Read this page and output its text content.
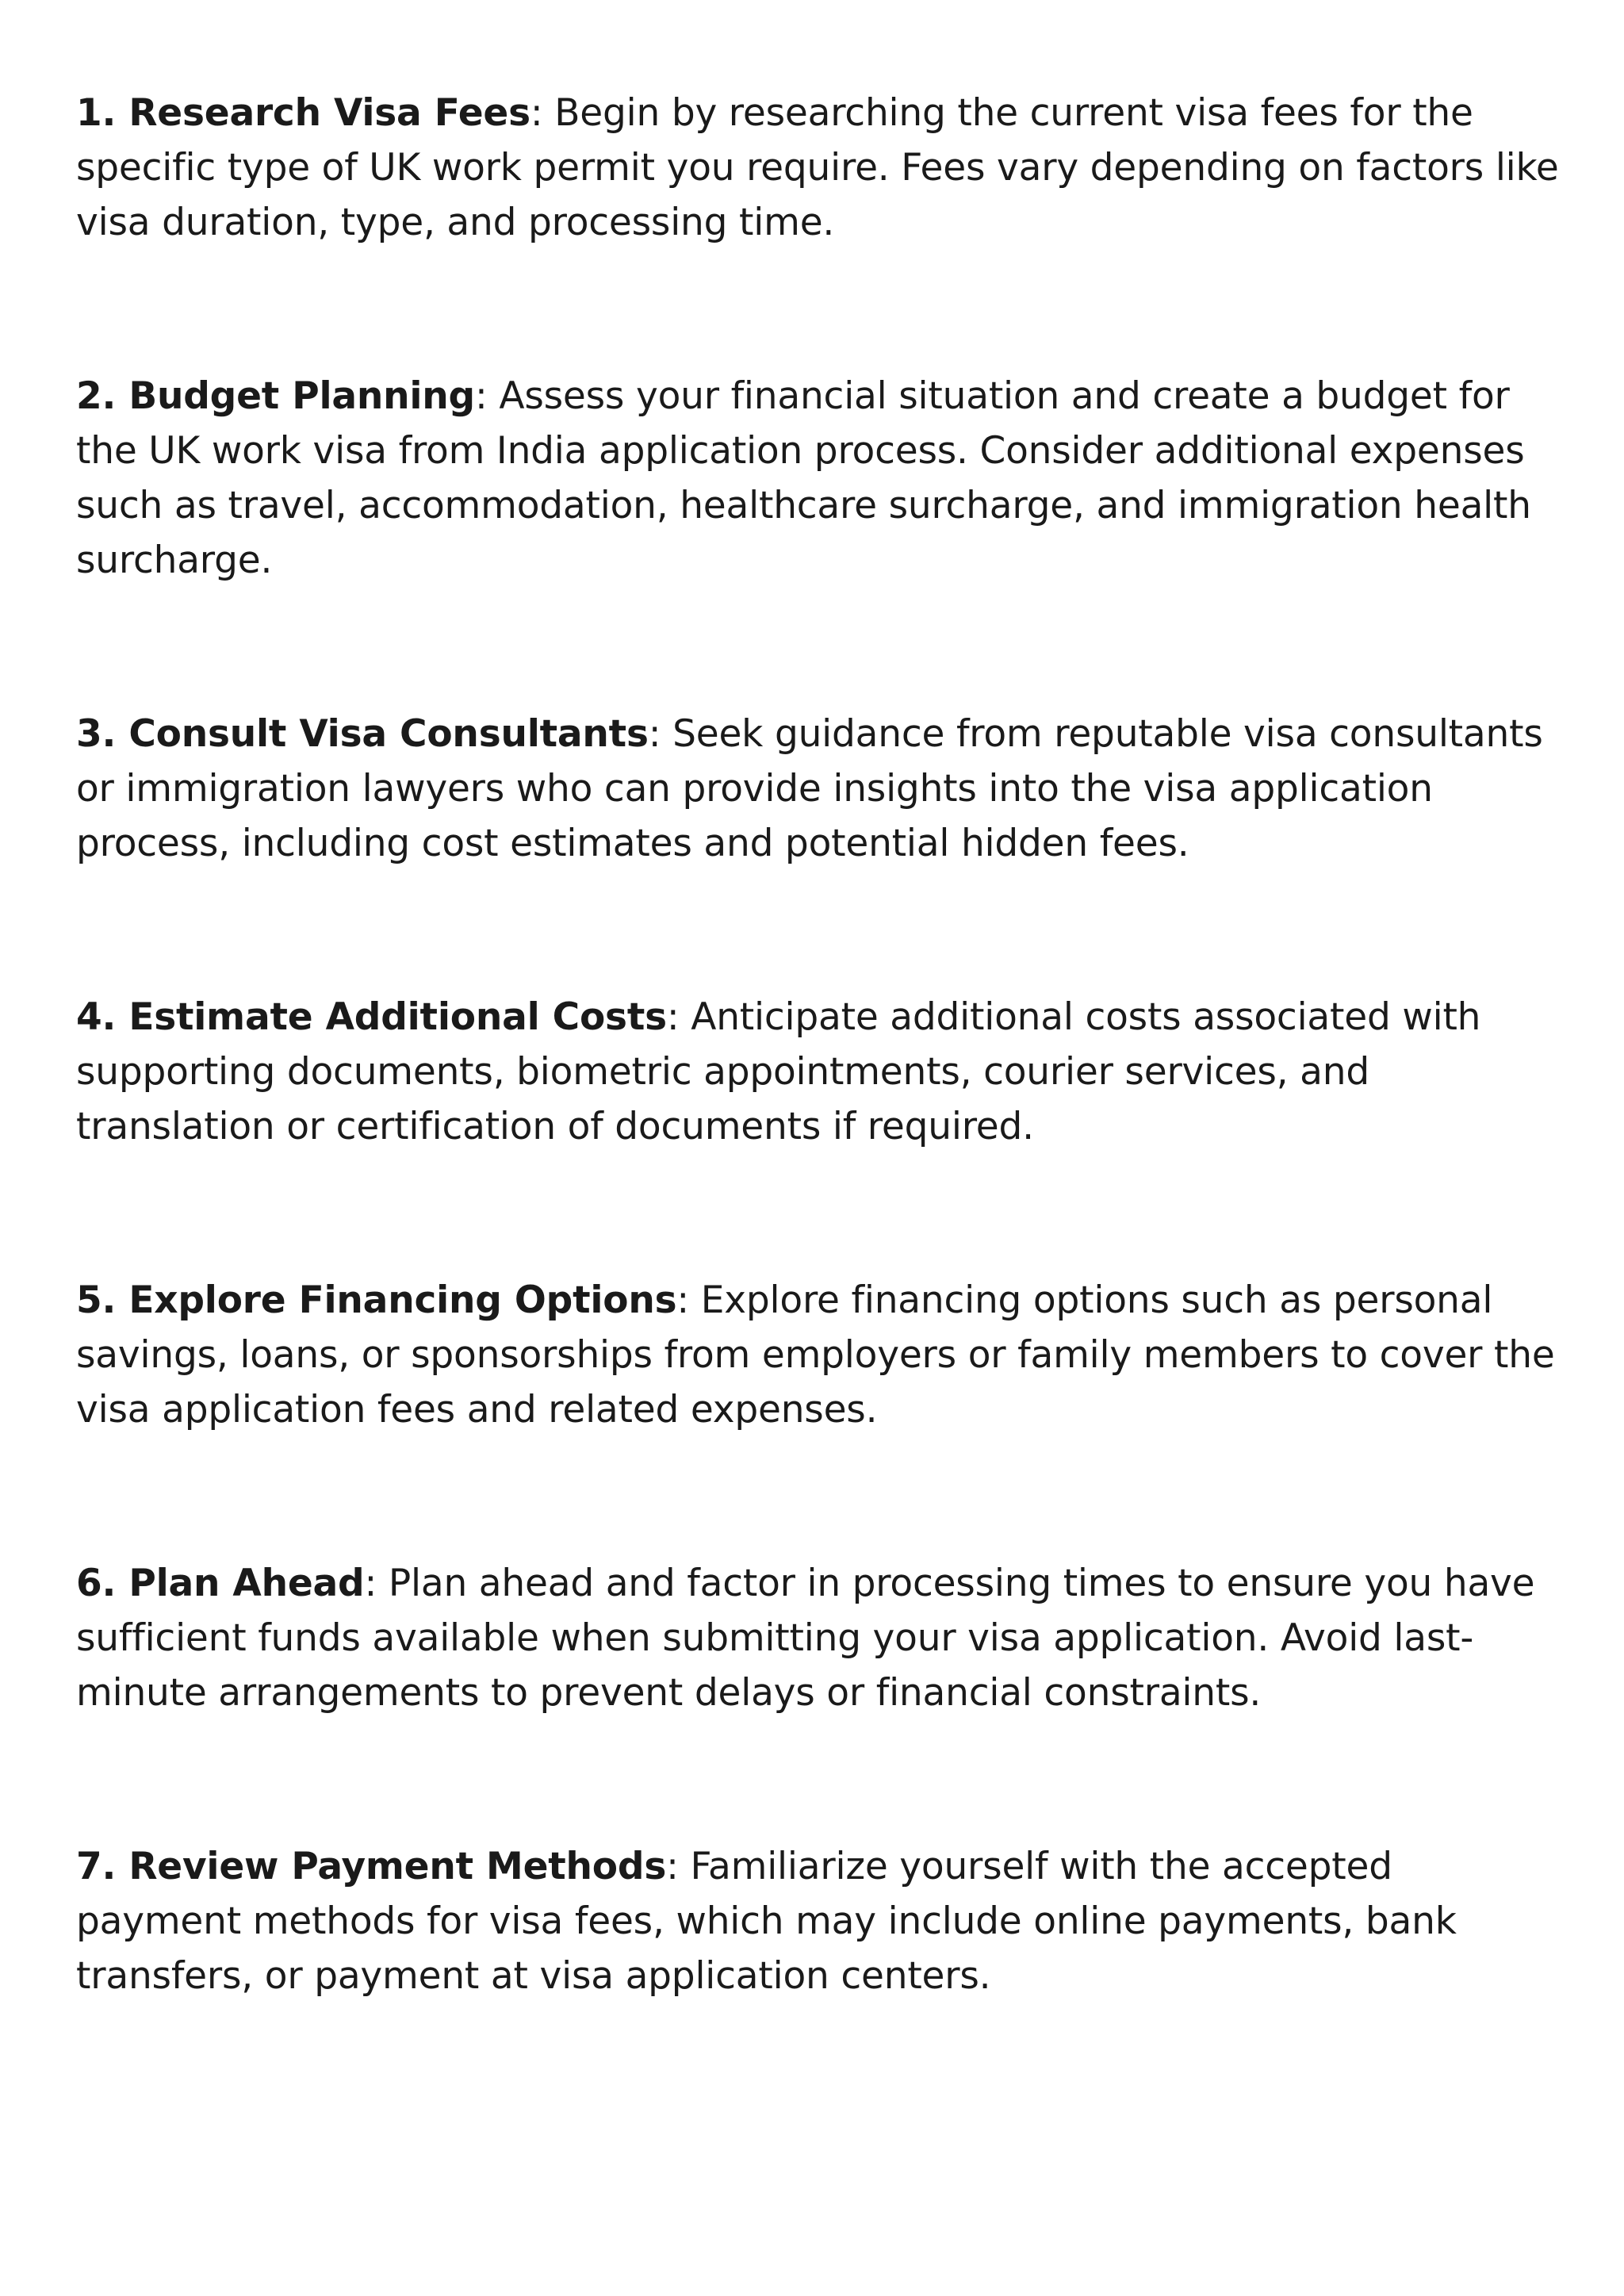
1. Research Visa Fees: Begin by researching the current visa fees for the specific type of UK work permit you require. Fees vary depending on factors like visa duration, type, and processing time.

2. Budget Planning: Assess your financial situation and create a budget for the UK work visa from India application process. Consider additional expenses such as travel, accommodation, healthcare surcharge, and immigration health surcharge.

3. Consult Visa Consultants: Seek guidance from reputable visa consultants or immigration lawyers who can provide insights into the visa application process, including cost estimates and potential hidden fees.

4. Estimate Additional Costs: Anticipate additional costs associated with supporting documents, biometric appointments, courier services, and translation or certification of documents if required.

5. Explore Financing Options: Explore financing options such as personal savings, loans, or sponsorships from employers or family members to cover the visa application fees and related expenses.

6. Plan Ahead: Plan ahead and factor in processing times to ensure you have sufficient funds available when submitting your visa application. Avoid last-minute arrangements to prevent delays or financial constraints.

7. Review Payment Methods: Familiarize yourself with the accepted payment methods for visa fees, which may include online payments, bank transfers, or payment at visa application centers.
